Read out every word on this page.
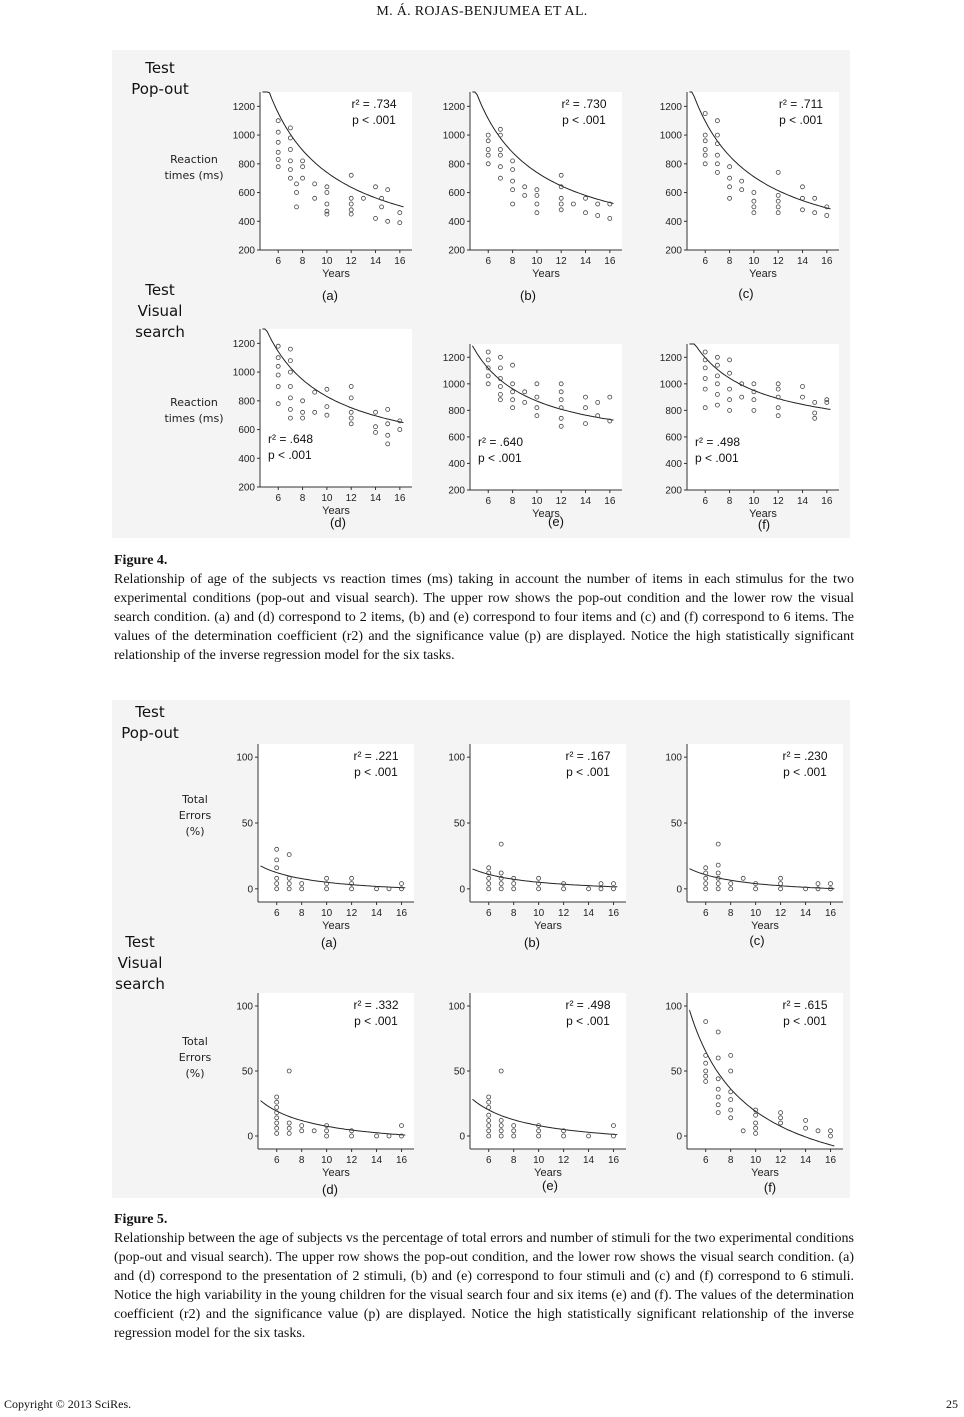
M. Á. ROJAS-BENJUMEA ET AL.
Test
Pop-out
Test
Visual
search
Reaction
times (ms)
Reaction
times (ms)
200
400
600
800
1000
1200
6 8 10 12 14 16
Years
r² = .734
p < .001
200
400
600
800
1000
1200
6 8 10 12 14 16
Years
r² = .730
p < .001
200
400
600
800
1000
1200
6 8 10 12 14 16
Years
r² = .711
p < .001
200
400
600
800
1000
1200
6 8 10 12 14 16
Years
r² = .648
p < .001
200
400
600
800
1000
1200
6 8 10 12 14 16
Years
r² = .640
p < .001
200
400
600
800
1000
1200
6 8 10 12 14 16
Years
r² = .498
p < .001
(a)	(b)	(c)
(d)	(e)	(f)
Figure 4.
Relationship of age of the subjects vs reaction times (ms) taking in account the number of items in each stimulus for the two experimental conditions (pop-out and visual search). The upper row shows the pop-out condition and the lower row the visual search condition. (a) and (d) correspond to 2 items, (b) and (e) correspond to four items and (c) and (f) correspond to 6 items. The values of the determination coefficient (r2) and the significance value (p) are displayed. Notice the high statistically significant relationship of the inverse regression model for the six tasks.
Test
Pop-out
Test
Visual
search
Total
Errors
(%)
Total
Errors
(%)
0
50
100
6 8 10 12 14 16
Years
r² = .221
p < .001
0
50
100
6 8 10 12 14 16
Years
r² = .167
p < .001
0
50
100
6 8 10 12 14 16
Years
r² = .230
p < .001
0
50
100
6 8 10 12 14 16
Years
r² = .332
p < .001
0
50
100
6 8 10 12 14 16
Years
r² = .498
p < .001
0
50
100
6 8 10 12 14 16
Years
r² = .615
p < .001
(a)	(b)	(c)
(d)	(e)	(f)
Figure 5.
Relationship between the age of subjects vs the percentage of total errors and number of stimuli for the two experimental conditions (pop-out and visual search). The upper row shows the pop-out condition, and the lower row shows the visual search condition. (a) and (d) correspond to the presentation of 2 stimuli, (b) and (e) correspond to four stimuli and (c) and (f) correspond to 6 stimuli. Notice the high variability in the young children for the visual search four and six items (e) and (f). The values of the determination coefficient (r2) and the significance value (p) are displayed. Notice the high statistically significant relationship of the inverse regression model for the six tasks.
Copyright © 2013 SciRes.	25
